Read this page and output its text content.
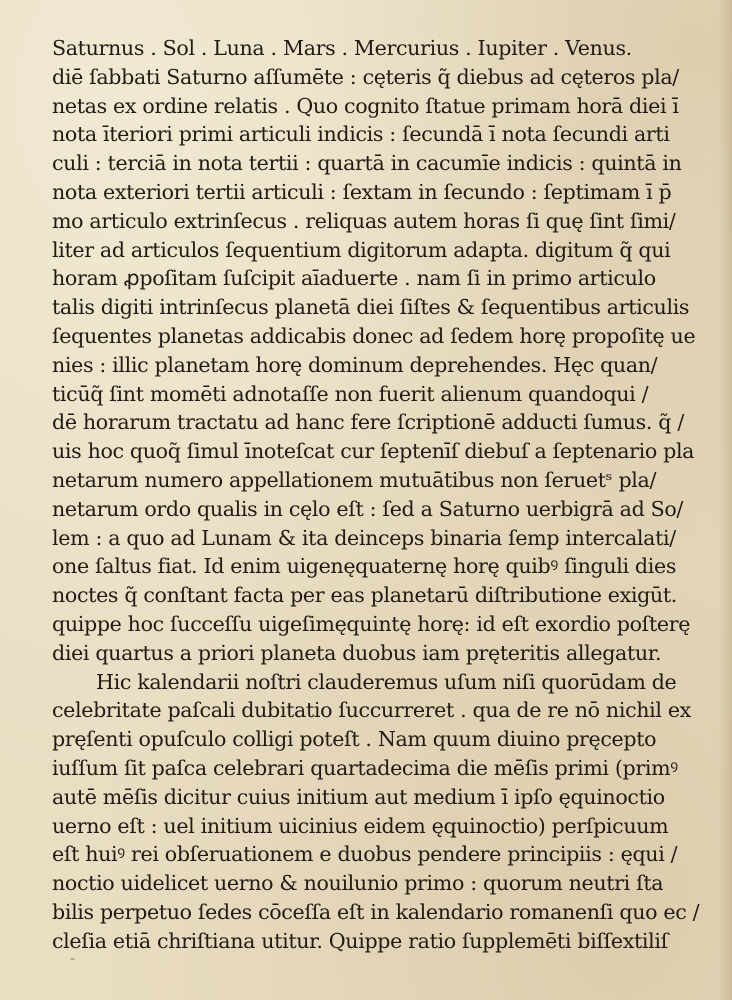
Saturnus . Sol . Luna . Mars . Mercurius . Iupiter . Venus.
diē ſabbati Saturno aſſumēte : cęteris q̃ diebus ad cęteros pla/
netas ex ordine relatis . Quo cognito ſtatue primam horā diei ī
nota īteriori primi articuli indicis : ſecundā ī nota ſecundi arti
culi : terciā in nota tertii : quartā in cacumīe indicis : quintā in
nota exteriori tertii articuli : ſextam in ſecundo : ſeptimam ī p̄
mo articulo extrinſecus . reliquas autem horas ſi quę ſint ſimi/
liter ad articulos ſequentium digitorum adapta. digitum q̃ qui
horam ꝓpoſitam ſuſcipit aīaduerte . nam ſi in primo articulo
talis digiti intrinſecus planetā diei ſiſtes & ſequentibus articulis
ſequentes planetas addicabis donec ad ſedem horę propoſitę ue
nies : illic planetam horę dominum deprehendes. Hęc quan/
ticūq̃ ſint momēti adnotaſſe non fuerit alienum quandoqui /
dē horarum tractatu ad hanc fere ſcriptionē adducti ſumus. q̃ /
uis hoc quoq̃ ſimul īnoteſcat cur ſeptenīſ diebuſ a ſeptenario pla
netarum numero appellationem mutuātibus non ſeruetˢ pla/
netarum ordo qualis in cęlo eſt : ſed a Saturno uerbigrā ad So/
lem : a quo ad Lunam & ita deinceps binaria ſemp intercalati/
one ſaltus fiat. Id enim uigenęquaternę horę quibꝰ ſinguli dies
noctes q̃ conſtant facta per eas planetarū diſtributione exigūt.
quippe hoc ſucceſſu uigeſimęquintę horę: id eſt exordio poſterę
diei quartus a priori planeta duobus iam pręteritis allegatur.
Hic kalendarii noſtri clauderemus uſum niſi quorūdam de
celebritate paſcali dubitatio ſuccurreret . qua de re nō nichil ex
pręſenti opuſculo colligi poteſt . Nam quum diuino pręcepto
iuſſum ſit paſca celebrari quartadecima die mēſis primi (primꝰ
autē mēſis dicitur cuius initium aut medium ī ipſo ęquinoctio
uerno eſt : uel initium uicinius eidem ęquinoctio) perſpicuum
eſt huiꝰ rei obſeruationem e duobus pendere principiis : ęqui /
noctio uidelicet uerno & nouilunio primo : quorum neutri ſta
bilis perpetuo ſedes cōceſſa eſt in kalendario romanenſi quo ec /
cleſia etiā chriſtiana utitur. Quippe ratio ſupplemēti biſſextiliſ
⁼
